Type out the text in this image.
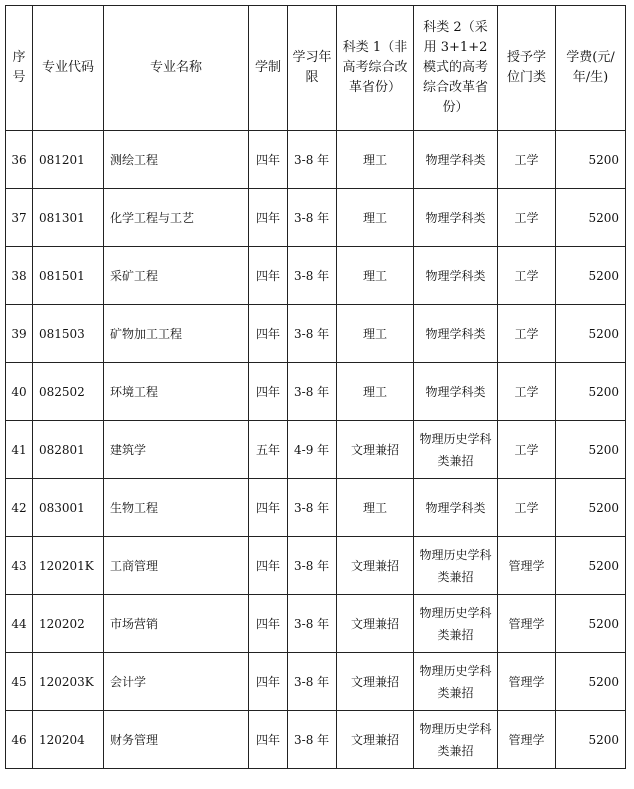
序号	专业代码	专业名称	学制	学习年限	科类 1（非高考综合改革省份）	科类 2（采用 3+1+2 模式的高考综合改革省份）	授予学位门类	学费(元/年/生)
36	081201	测绘工程	四年	3-8 年	理工	物理学科类	工学	5200
37	081301	化学工程与工艺	四年	3-8 年	理工	物理学科类	工学	5200
38	081501	采矿工程	四年	3-8 年	理工	物理学科类	工学	5200
39	081503	矿物加工工程	四年	3-8 年	理工	物理学科类	工学	5200
40	082502	环境工程	四年	3-8 年	理工	物理学科类	工学	5200
41	082801	建筑学	五年	4-9 年	文理兼招	物理历史学科类兼招	工学	5200
42	083001	生物工程	四年	3-8 年	理工	物理学科类	工学	5200
43	120201K	工商管理	四年	3-8 年	文理兼招	物理历史学科类兼招	管理学	5200
44	120202	市场营销	四年	3-8 年	文理兼招	物理历史学科类兼招	管理学	5200
45	120203K	会计学	四年	3-8 年	文理兼招	物理历史学科类兼招	管理学	5200
46	120204	财务管理	四年	3-8 年	文理兼招	物理历史学科类兼招	管理学	5200
